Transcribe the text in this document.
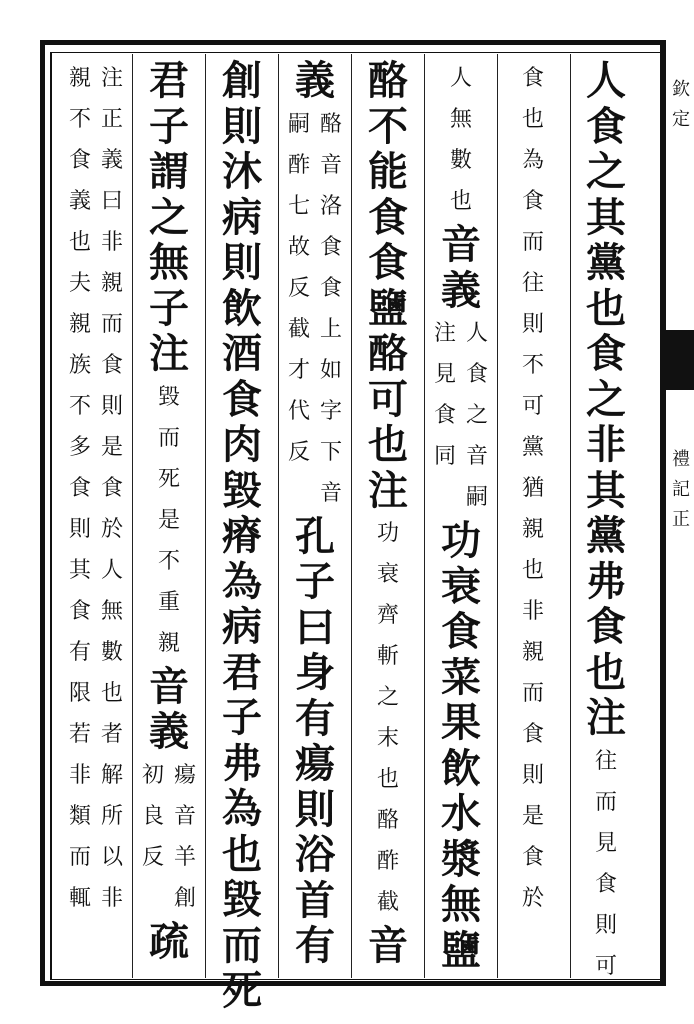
人食之其黨也食之非其黨弗食也注
往而見食則可
食也為食而往則不可黨猶親也非親而食則是食於
人無數也
音義
人食之音嗣
注見食同
功衰食菜果飲水漿無鹽
酪不能食食鹽酪可也注
功衰齊斬之末也酪酢截
音
義
酪音洛食食上如字下音
嗣酢七故反截才代反
孔子曰身有瘍則浴首有
創則沐病則飲酒食肉毀瘠為病君子弗為也毀而死
君子謂之無子注
毀而死是不重親
音義
瘍音羊創
初良反
疏
注正義曰非親而食則是食於人無數也者解所以非
親不食義也夫親族不多食則其食有限若非類而輒
欽
定
禮
記
正
